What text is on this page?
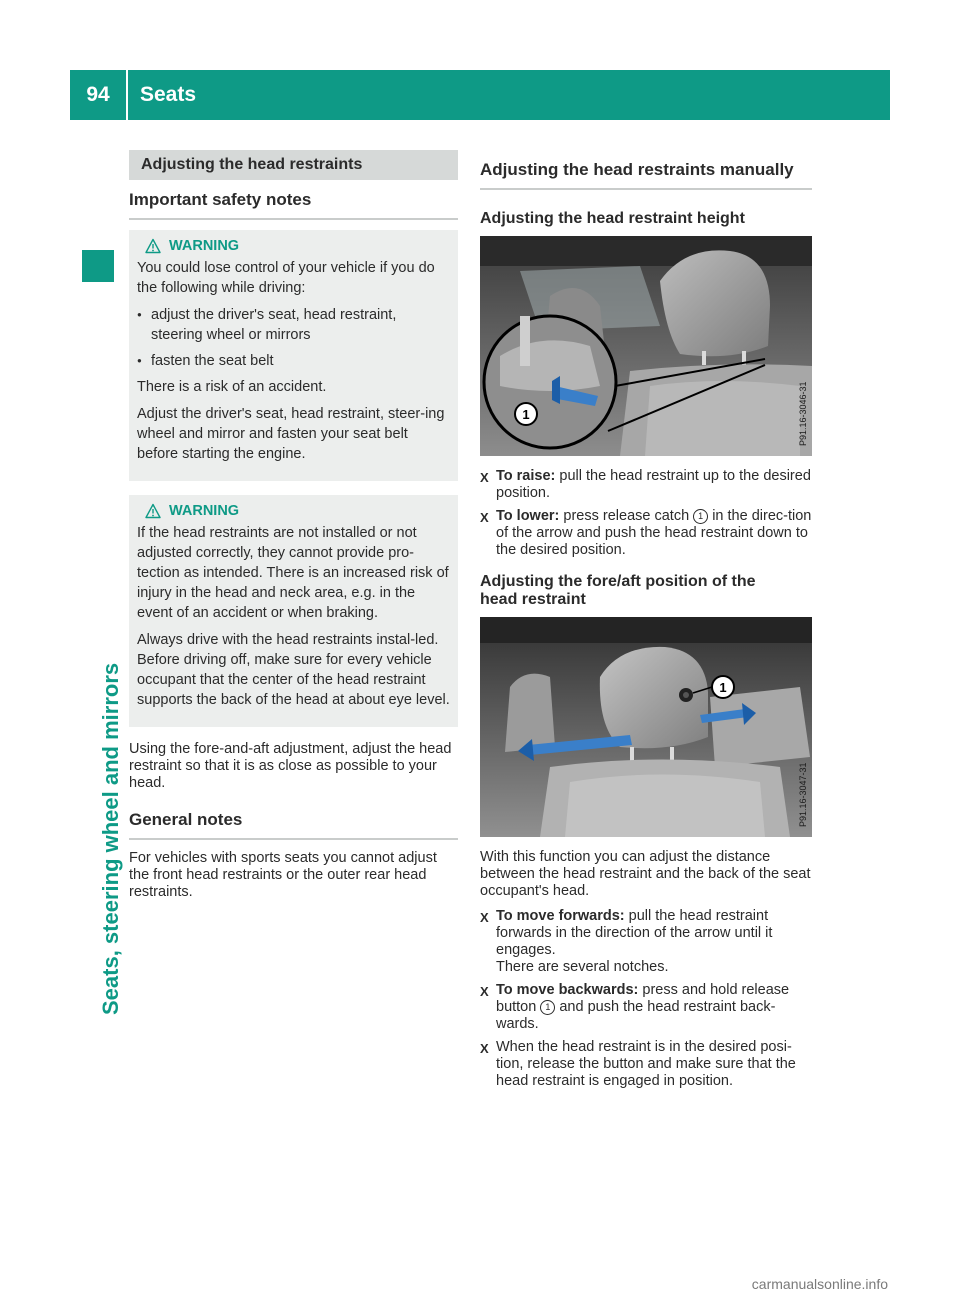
94	Seats
Seats, steering wheel and mirrors
Adjusting the head restraints
Important safety notes
WARNING

You could lose control of your vehicle if you do the following while driving:

● adjust the driver's seat, head restraint, steering wheel or mirrors
● fasten the seat belt

There is a risk of an accident.

Adjust the driver's seat, head restraint, steer-ing wheel and mirror and fasten your seat belt before starting the engine.

WARNING

If the head restraints are not installed or not adjusted correctly, they cannot provide pro-tection as intended. There is an increased risk of injury in the head and neck area, e.g. in the event of an accident or when braking.

Always drive with the head restraints instal-led. Before driving off, make sure for every vehicle occupant that the center of the head restraint supports the back of the head at about eye level.

Using the fore-and-aft adjustment, adjust the head restraint so that it is as close as possible to your head.

General notes

For vehicles with sports seats you cannot adjust the front head restraints or the outer rear head restraints.

Adjusting the head restraints manually
Adjusting the head restraint height
1	P91.16-3046-31
X To raise: pull the head restraint up to the desired position.
X To lower: press release catch 1 in the direc-tion of the arrow and push the head restraint down to the desired position.
Adjusting the fore/aft position of the head restraint
1
P91.16-3047-31

With this function you can adjust the distance between the head restraint and the back of the seat occupant's head.

X To move forwards: pull the head restraint forwards in the direction of the arrow until it engages.
There are several notches.
X To move backwards: press and hold release button 1 and push the head restraint back-wards.
X When the head restraint is in the desired posi-tion, release the button and make sure that the head restraint is engaged in position.
carmanualsonline.info
